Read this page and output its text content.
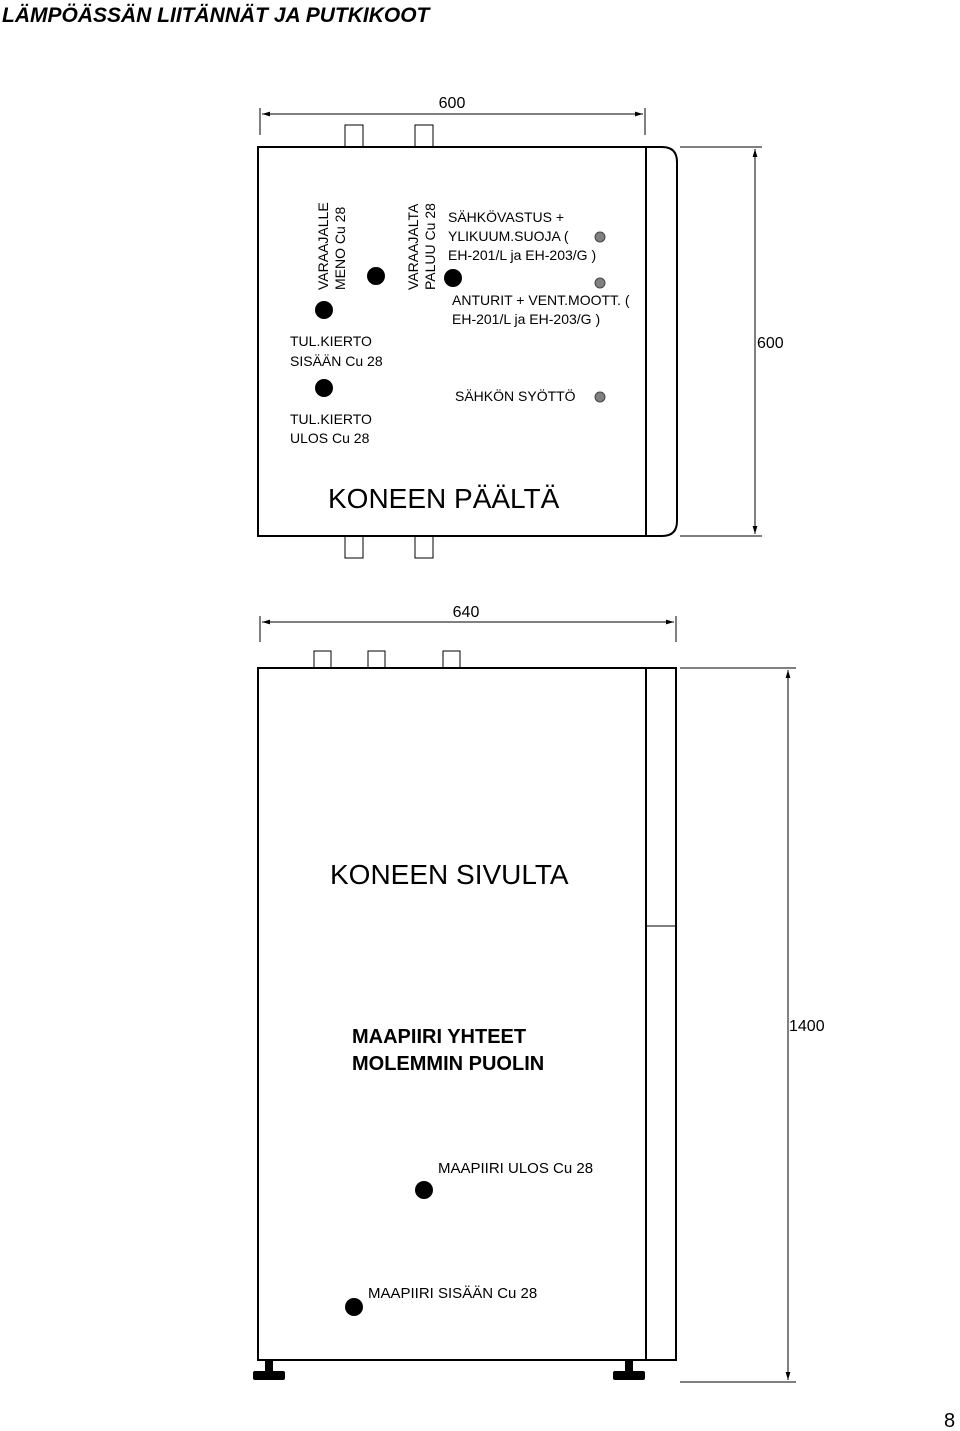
LÄMPÖÄSSÄN LIITÄNNÄT JA PUTKIKOOT
600
600
VARAAJALLE MENO Cu 28	VARAAJALTA PALUU Cu 28
TUL.KIERTO
SISÄÄN Cu 28
TUL.KIERTO
ULOS Cu 28
SÄHKÖVASTUS +
YLIKUUM.SUOJA (
EH-201/L ja EH-203/G )
ANTURIT + VENT.MOOTT. (
EH-201/L ja EH-203/G )
SÄHKÖN SYÖTTÖ
KONEEN PÄÄLTÄ
640
1400
KONEEN SIVULTA
MAAPIIRI YHTEET
MOLEMMIN PUOLIN
MAAPIIRI ULOS Cu 28
MAAPIIRI SISÄÄN Cu 28
8
